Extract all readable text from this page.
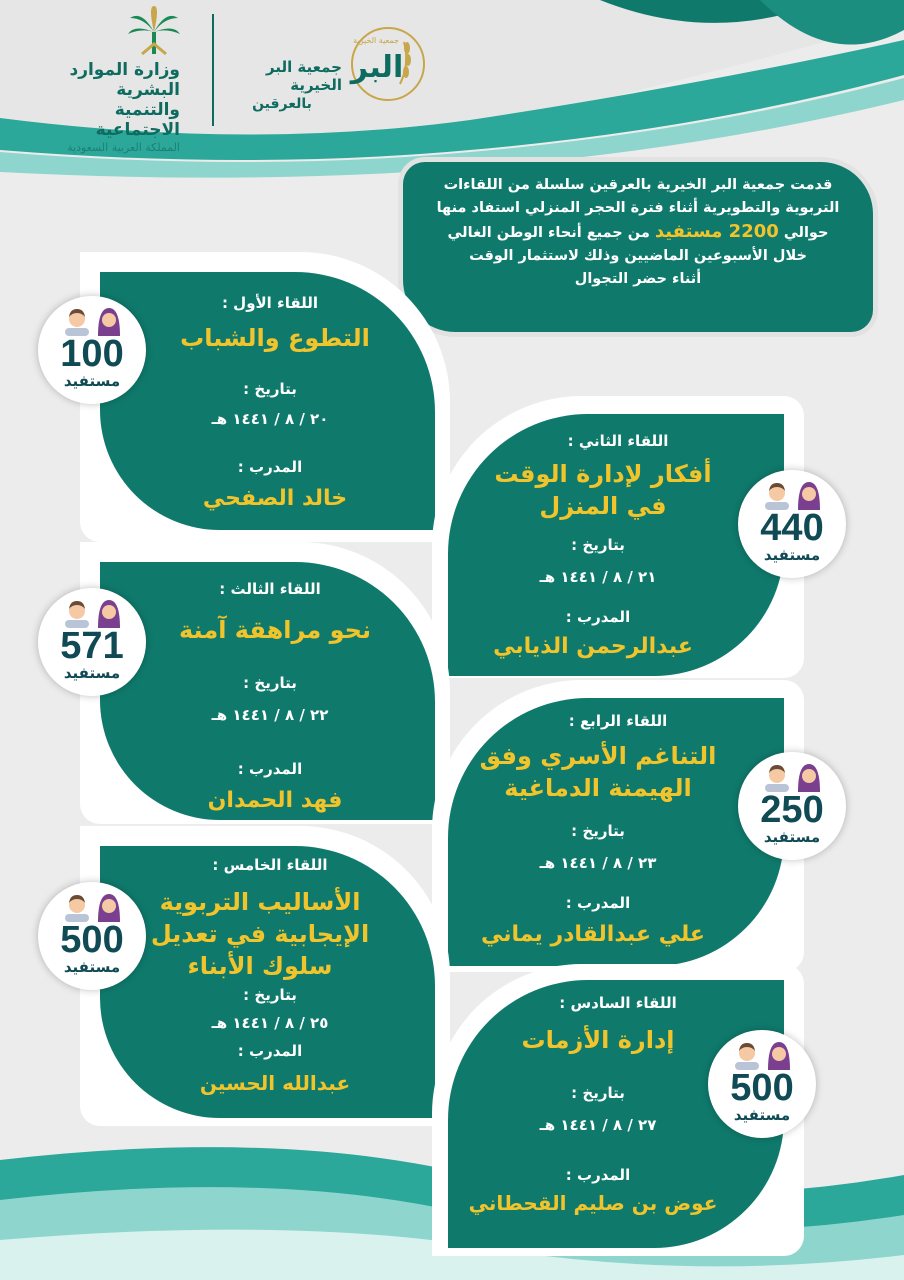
وزارة الموارد البشرية
والتنمية الاجتماعية
المملكة العربية السعودية
جمعية البر الخيرية
بالعرقين
البر
جمعية الخيرية

قدمت جمعية البر الخيرية بالعرقين سلسلة من اللقاءات
التربوية والتطويرية أثناء فترة الحجر المنزلي استفاد منها
حوالي 2200 مستفيد من جميع أنحاء الوطن الغالي
خلال الأسبوعين الماضيين وذلك لاستثمار الوقت
أثناء حضر التجوال

اللقاء الأول :
التطوع والشباب
بتاريخ :
٢٠ / ٨ / ١٤٤١ هـ
المدرب :
خالد الصفحي
100
مستفيد
اللقاء الثاني :
أفكار لإدارة الوقت
في المنزل
بتاريخ :
٢١ / ٨ / ١٤٤١ هـ
المدرب :
عبدالرحمن الذيابي
440
مستفيد
اللقاء الثالث :
نحو مراهقة آمنة
بتاريخ :
٢٢ / ٨ / ١٤٤١ هـ
المدرب :
فهد الحمدان
571
مستفيد
اللقاء الرابع :
التناغم الأسري وفق
الهيمنة الدماغية
بتاريخ :
٢٣ / ٨ / ١٤٤١ هـ
المدرب :
علي عبدالقادر يماني
250
مستفيد
اللقاء الخامس :
الأساليب التربوية
الإيجابية في تعديل
سلوك الأبناء
بتاريخ :
٢٥ / ٨ / ١٤٤١ هـ
المدرب :
عبدالله الحسين
500
مستفيد
اللقاء السادس :
إدارة الأزمات
بتاريخ :
٢٧ / ٨ / ١٤٤١ هـ
المدرب :
عوض بن صليم القحطاني
500
مستفيد
